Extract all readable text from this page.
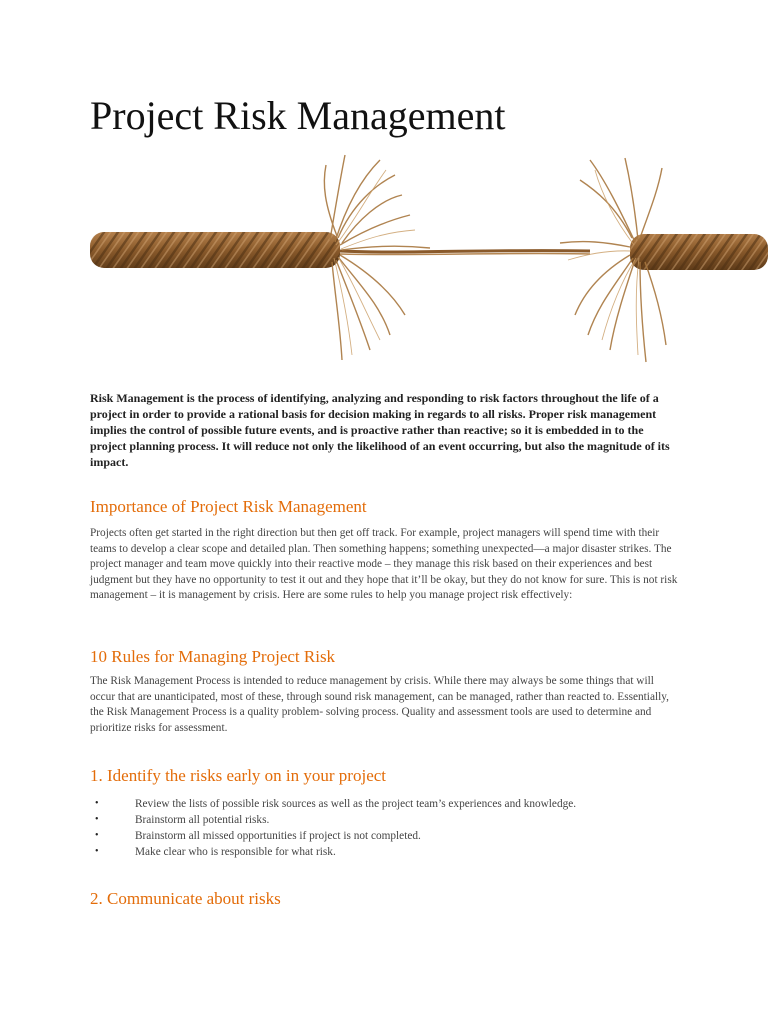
Project Risk Management

Risk Management is the process of identifying, analyzing and responding to risk factors throughout the life of a project in order to provide a rational basis for decision making in regards to all risks. Proper risk management implies the control of possible future events, and is proactive rather than reactive; so it is embedded in to the project planning process. It will reduce not only the likelihood of an event occurring, but also the magnitude of its impact.

Importance of Project Risk Management

Projects often get started in the right direction but then get off track. For example, project managers will spend time with their teams to develop a clear scope and detailed plan. Then something happens; something unexpected—a major disaster strikes. The project manager and team move quickly into their reactive mode – they manage this risk based on their experiences and best judgment but they have no opportunity to test it out and they hope that it’ll be okay, but they do not know for sure. This is not risk management – it is management by crisis. Here are some rules to help you manage project risk effectively:

10 Rules for Managing Project Risk

The Risk Management Process is intended to reduce management by crisis. While there may always be some things that will occur that are unanticipated, most of these, through sound risk management, can be managed, rather than reacted to. Essentially, the Risk Management Process is a quality problem- solving process. Quality and assessment tools are used to determine and prioritize risks for assessment.

1. Identify the risks early on in your project
•	Review the lists of possible risk sources as well as the project team’s experiences and knowledge.
•	Brainstorm all potential risks.
•	Brainstorm all missed opportunities if project is not completed.
•	Make clear who is responsible for what risk.
2. Communicate about risks
